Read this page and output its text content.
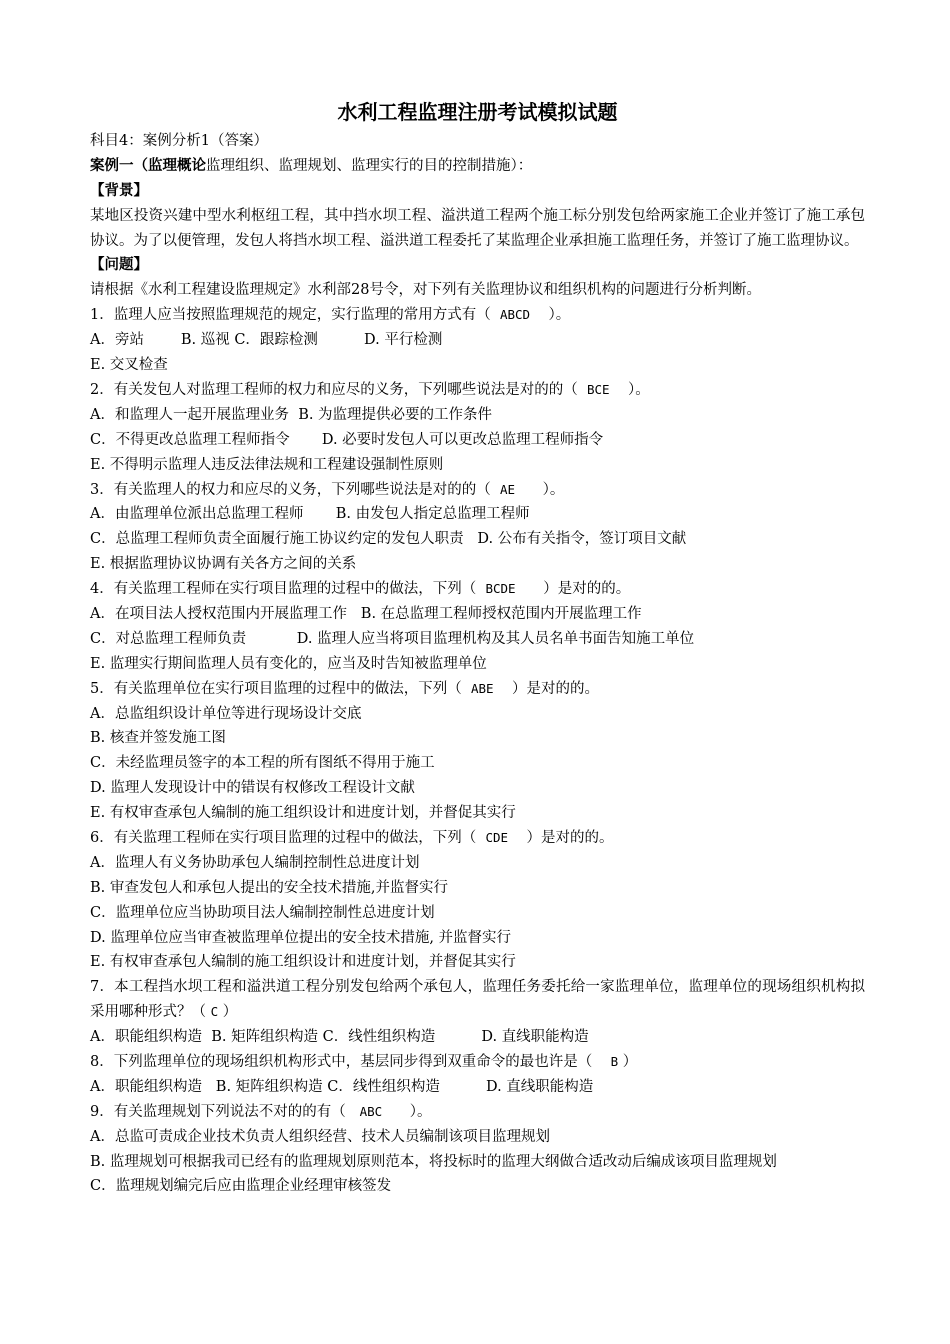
水利工程监理注册考试模拟试题
科目4：案例分析1（答案）
案例一（监理概论监理组织、监理规划、监理实行的目的控制措施）：
【背景】
某地区投资兴建中型水利枢纽工程，其中挡水坝工程、溢洪道工程两个施工标分别发包给两家施工企业并签订了施工承包协议。为了以便管理，发包人将挡水坝工程、溢洪道工程委托了某监理企业承担施工监理任务，并签订了施工监理协议。
【问题】
请根据《水利工程建设监理规定》水利部28号令，对下列有关监理协议和组织机构的问题进行分析判断。
1．监理人应当按照监理规范的规定，实行监理的常用方式有（  ABCD    ）。
A．旁站        B. 巡视 C．跟踪检测          D. 平行检测
E. 交叉检查
2．有关发包人对监理工程师的权力和应尽的义务，下列哪些说法是对的的（  BCE    ）。
A．和监理人一起开展监理业务  B. 为监理提供必要的工作条件
C．不得更改总监理工程师指令       D. 必要时发包人可以更改总监理工程师指令
E. 不得明示监理人违反法律法规和工程建设强制性原则
3．有关监理人的权力和应尽的义务，下列哪些说法是对的的（  AE      ）。
A．由监理单位派出总监理工程师       B. 由发包人指定总监理工程师
C．总监理工程师负责全面履行施工协议约定的发包人职责   D. 公布有关指令，签订项目文献
E. 根据监理协议协调有关各方之间的关系
4．有关监理工程师在实行项目监理的过程中的做法，下列（  BCDE      ）是对的的。
A．在项目法人授权范围内开展监理工作   B. 在总监理工程师授权范围内开展监理工作
C．对总监理工程师负责           D. 监理人应当将项目监理机构及其人员名单书面告知施工单位
E. 监理实行期间监理人员有变化的，应当及时告知被监理单位
5．有关监理单位在实行项目监理的过程中的做法，下列（  ABE    ）是对的的。
A．总监组织设计单位等进行现场设计交底
B. 核查并签发施工图
C．未经监理员签字的本工程的所有图纸不得用于施工
D. 监理人发现设计中的错误有权修改工程设计文献
E. 有权审查承包人编制的施工组织设计和进度计划，并督促其实行
6．有关监理工程师在实行项目监理的过程中的做法，下列（  CDE    ）是对的的。
A．监理人有义务协助承包人编制控制性总进度计划
B. 审查发包人和承包人提出的安全技术措施,并监督实行
C．监理单位应当协助项目法人编制控制性总进度计划
D. 监理单位应当审查被监理单位提出的安全技术措施, 并监督实行
E. 有权审查承包人编制的施工组织设计和进度计划，并督促其实行
7．本工程挡水坝工程和溢洪道工程分别发包给两个承包人，监理任务委托给一家监理单位，监理单位的现场组织机构拟采用哪种形式？（ C ）
A．职能组织构造  B. 矩阵组织构造 C．线性组织构造          D. 直线职能构造
8．下列监理单位的现场组织机构形式中，基层同步得到双重命令的最也许是（    B ）
A．职能组织构造   B. 矩阵组织构造 C．线性组织构造          D. 直线职能构造
9．有关监理规划下列说法不对的的有（   ABC      ）。
A．总监可责成企业技术负责人组织经营、技术人员编制该项目监理规划
B. 监理规划可根据我司已经有的监理规划原则范本，将投标时的监理大纲做合适改动后编成该项目监理规划
C．监理规划编完后应由监理企业经理审核签发
